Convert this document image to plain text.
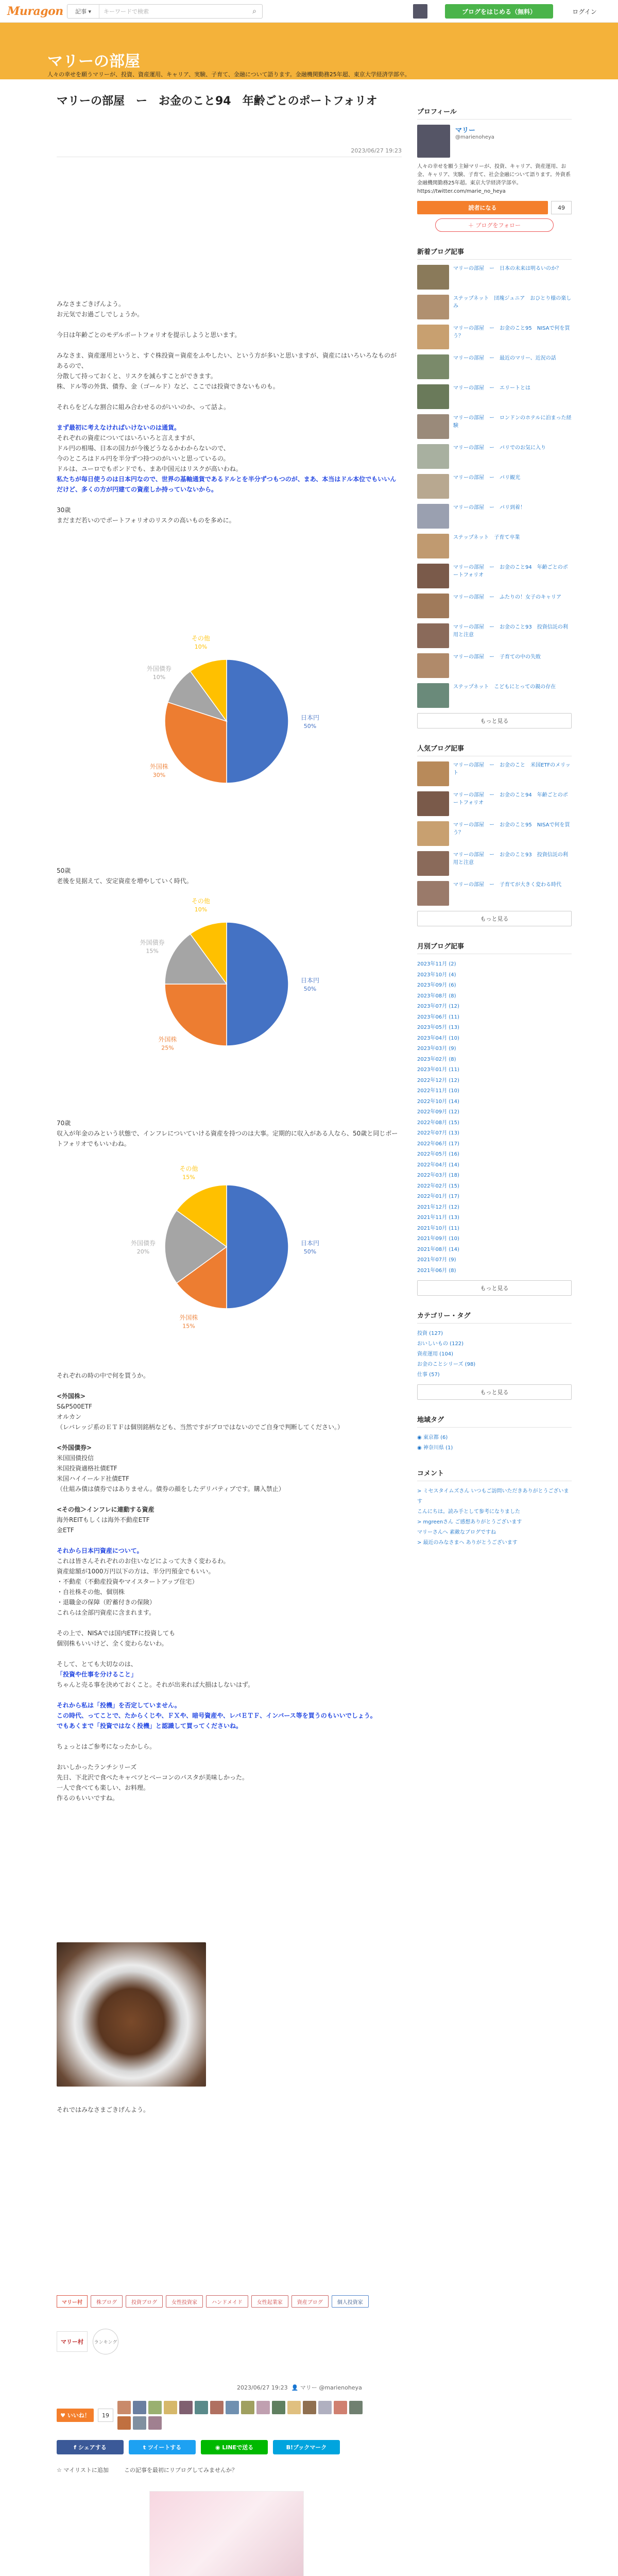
Muragon 記事 ▾
キーワードで検索	⌕	ブログをはじめる（無料）	ログイン
マリーの部屋
人々の幸せを願うマリーが、投資、資産運用、キャリア、実験、子育て、金融について語ります。金融機関勤務25年超、東京大学経済学部卒。
マリーの部屋　ー　お金のこと94　年齢ごとのポートフォリオ
2023/06/27 19:23

みなさまごきげんよう。

お元気でお過ごしでしょうか。

今日は年齢ごとのモデルポートフォリオを提示しようと思います。

みなさま、資産運用というと、すぐ株投資＝資産をふやしたい、という方が多いと思いますが、資産にはいろいろなものがあるので、

分散して持っておくと、リスクを減らすことができます。

株、ドル等の外貨、債券、金（ゴールド）など、ここでは投資できないものも。

それらをどんな割合に組み合わせるのがいいのか、って話よ。

まず最初に考えなければいけないのは通貨。

それぞれの資産についてはいろいろと言えますが、

ドル円の相場、日本の国力が今後どうなるかわからないので、

今のところはドル円を半分ずつ持つのがいいと思っているの。

ドルは、ユーロでもポンドでも、まあ中国元はリスクが高いわね。

私たちが毎日使うのは日本円なので、世界の基軸通貨であるドルとを半分ずつもつのが、まあ、本当はドル本位でもいいんだけど、多くの方が円建ての資産しか持っていないから。

30歳

まだまだ若いのでポートフォリオのリスクの高いものを多めに。

日本円
50%
外国株
30%
外国債券
10%
その他
10%

50歳

老後を見据えて、安定資産を増やしていく時代。

日本円
50%
外国株
25%
外国債券
15%
その他
10%

70歳

収入が年金のみという状態で、インフレについていける資産を持つのは大事。定期的に収入がある人なら、50歳と同じポートフォリオでもいいわね。

日本円
50%
外国株
15%
外国債券
20%
その他
15%

それぞれの時の中で何を買うか。

<外国株>

S&P500ETF

オルカン

（レバレッジ系のＥＴＦは個別銘柄なども、当然ですがプロではないのでご自身で判断してください。）

<外国債券>

米国国債投信

米国投資適格社債ETF

米国ハイイールド社債ETF

（仕組み債は債券ではありません。債券の顔をしたデリバティブです。購入禁止）

<その他＞インフレに連動する資産

海外REITもしくは海外不動産ETF

金ETF

それから日本円資産について。

これは皆さんそれぞれのお住いなどによって大きく変わるわ。

資産総額が1000万円以下の方は、半分円預金でもいい。

・不動産（不動産投資やマイスタートアップ住宅）

・自社株その他、個別株

・退職金の保障（貯蓄付きの保険）

これらは全部円資産に含まれます。

その上で、NISAでは国内ETFに投資しても

個別株もいいけど、全く変わらないわ。

そして、とても大切なのは、

「投資や仕事を分けること」

ちゃんと売る事を決めておくこと。それが出来れば大損はしないはず。

それから私は「投機」を否定していません。

この時代、ってことで、たからくじや、ＦＸや、暗号資産や、レバＥＴＦ、インバース等を買うのもいいでしょう。

でもあくまで「投資ではなく投機」と認識して買ってくださいね。

ちょっとはご参考になったかしら。

おいしかったランチシリーズ

先日、下北沢で食べたキャベツとベーコンのパスタが美味しかった。

一人で食べても楽しい、お料理。

作るのもいいですね。

それではみなさまごきげんよう。

マリー村	株ブログ	投資ブログ	女性投資家	ハンドメイド	女性起業家	資産ブログ	個人投資家
マリー村	ランキング
2023/06/27 19:23 👤 マリー @marienoheya
♥
いいね！	19
f
シェアする	t
ツイートする	◉
LINEで送る	B!ブックマーク
☆ マイリストに追加	この記事を最初にリブログしてみませんか？

プロフィール
マリー
@marienoheya
人々の幸せを願う主婦マリーが、投資、キャリア、資産運用、お金、キャリア、実験、子育て、社会金融について語ります。外資系金融機関勤務25年超。東京大学経済学部卒。https://twitter.com/marie_no_heya
読者になる	49
＋
ブログをフォロー
新着ブログ記事
マリーの部屋　ー　日本の未来は明るいのか？
ステップネット　団塊ジュニア　おひとり様の楽しみ
マリーの部屋　ー　お金のこと95　NISAで何を買う？
マリーの部屋　ー　最近のマリー、近況の話
マリーの部屋　ー　エリートとは
マリーの部屋　ー　ロンドンのホテルに泊まった経験
マリーの部屋　ー　パリでのお気に入り
マリーの部屋　ー　パリ観光
マリーの部屋　ー　パリ到着！
ステップネット　子育て卒業
マリーの部屋　ー　お金のこと94　年齢ごとのポートフォリオ
マリーの部屋　ー　ふたりの！女子のキャリア
マリーの部屋　ー　お金のこと93　投資信託の利用と注意
マリーの部屋　ー　子育ての中の失敗
ステップネット　こどもにとっての親の存在
もっと見る
人気ブログ記事
マリーの部屋　ー　お金のこと　米国ETFのメリット
マリーの部屋　ー　お金のこと94　年齢ごとのポートフォリオ
マリーの部屋　ー　お金のこと95　NISAで何を買う？
マリーの部屋　ー　お金のこと93　投資信託の利用と注意
マリーの部屋　ー　子育てが大きく変わる時代
もっと見る
月別ブログ記事
2023年11月 (2)
2023年10月 (4)
2023年09月 (6)
2023年08月 (8)
2023年07月 (12)
2023年06月 (11)
2023年05月 (13)
2023年04月 (10)
2023年03月 (9)
2023年02月 (8)
2023年01月 (11)
2022年12月 (12)
2022年11月 (10)
2022年10月 (14)
2022年09月 (12)
2022年08月 (15)
2022年07月 (13)
2022年06月 (17)
2022年05月 (16)
2022年04月 (14)
2022年03月 (18)
2022年02月 (15)
2022年01月 (17)
2021年12月 (12)
2021年11月 (13)
2021年10月 (11)
2021年09月 (10)
2021年08月 (14)
2021年07月 (9)
2021年06月 (8)
もっと見る
カテゴリー・タグ
投資 (127)
おいしいもの (122)
資産運用 (104)
お金のことシリーズ (98)
仕事 (57)
もっと見る
地域タグ
◉ 東京都 (6)
◉ 神奈川県 (1)
コメント
> ミセスタイムズさん いつもご訪問いただきありがとうございます
こんにちは。読み手として参考になりました
> mgreenさん ご感想ありがとうございます
マリーさんへ 素敵なブログですね
> 最近のみなさまへ ありがとうございます
